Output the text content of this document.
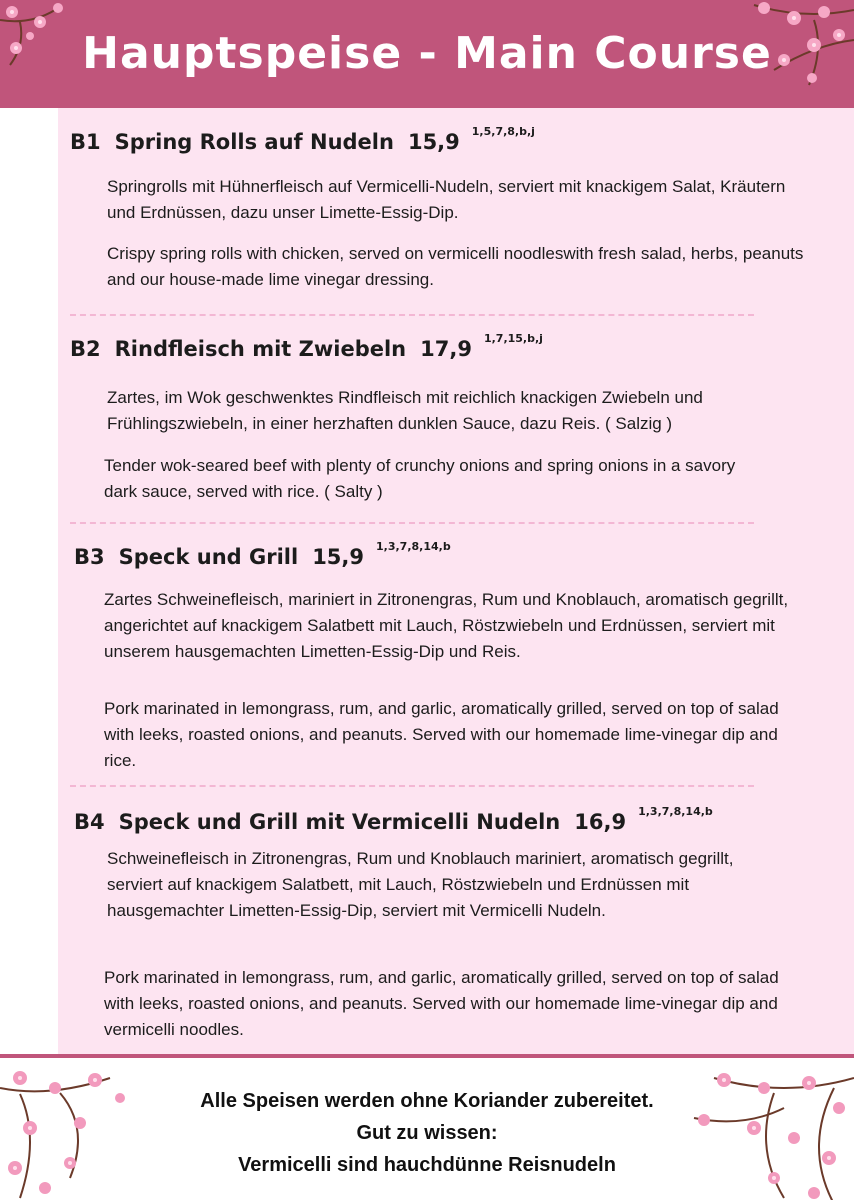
Hauptspeise - Main Course
B1 Spring Rolls auf Nudeln 15,9 $^{1,5,7,8,b,j}$
Springrolls mit Hühnerfleisch auf Vermicelli-Nudeln, serviert mit knackigem Salat, Kräutern und Erdnüssen, dazu unser Limette-Essig-Dip.
Crispy spring rolls with chicken, served on vermicelli noodleswith fresh salad, herbs, peanuts and our house-made lime vinegar dressing.
B2 Rindfleisch mit Zwiebeln 17,9 $^{1,7,15,b,j}$
Zartes, im Wok geschwenktes Rindfleisch mit reichlich knackigen Zwiebeln und Frühlingszwiebeln, in einer herzhaften dunklen Sauce, dazu Reis. ( Salzig )
Tender wok-seared beef with plenty of crunchy onions and spring onions in a savory dark sauce, served with rice. ( Salty )
B3 Speck und Grill 15,9 $^{1,3,7,8,14,b}$
Zartes Schweinefleisch, mariniert in Zitronengras, Rum und Knoblauch, aromatisch gegrillt, angerichtet auf knackigem Salatbett mit Lauch, Röstzwiebeln und Erdnüssen, serviert mit unserem hausgemachten Limetten-Essig-Dip und Reis.
Pork marinated in lemongrass, rum, and garlic, aromatically grilled, served on top of salad with leeks, roasted onions, and peanuts. Served with our homemade lime-vinegar dip and rice.
B4 Speck und Grill mit Vermicelli Nudeln 16,9 $^{1,3,7,8,14,b}$
Schweinefleisch in Zitronengras, Rum und Knoblauch mariniert, aromatisch gegrillt, serviert auf knackigem Salatbett, mit Lauch, Röstzwiebeln und Erdnüssen mit hausgemachter Limetten-Essig-Dip, serviert mit Vermicelli Nudeln.
Pork marinated in lemongrass, rum, and garlic, aromatically grilled, served on top of salad with leeks, roasted onions, and peanuts. Served with our homemade lime-vinegar dip and vermicelli noodles.
Alle Speisen werden ohne Koriander zubereitet.
Gut zu wissen:
Vermicelli sind hauchdünne Reisnudeln
